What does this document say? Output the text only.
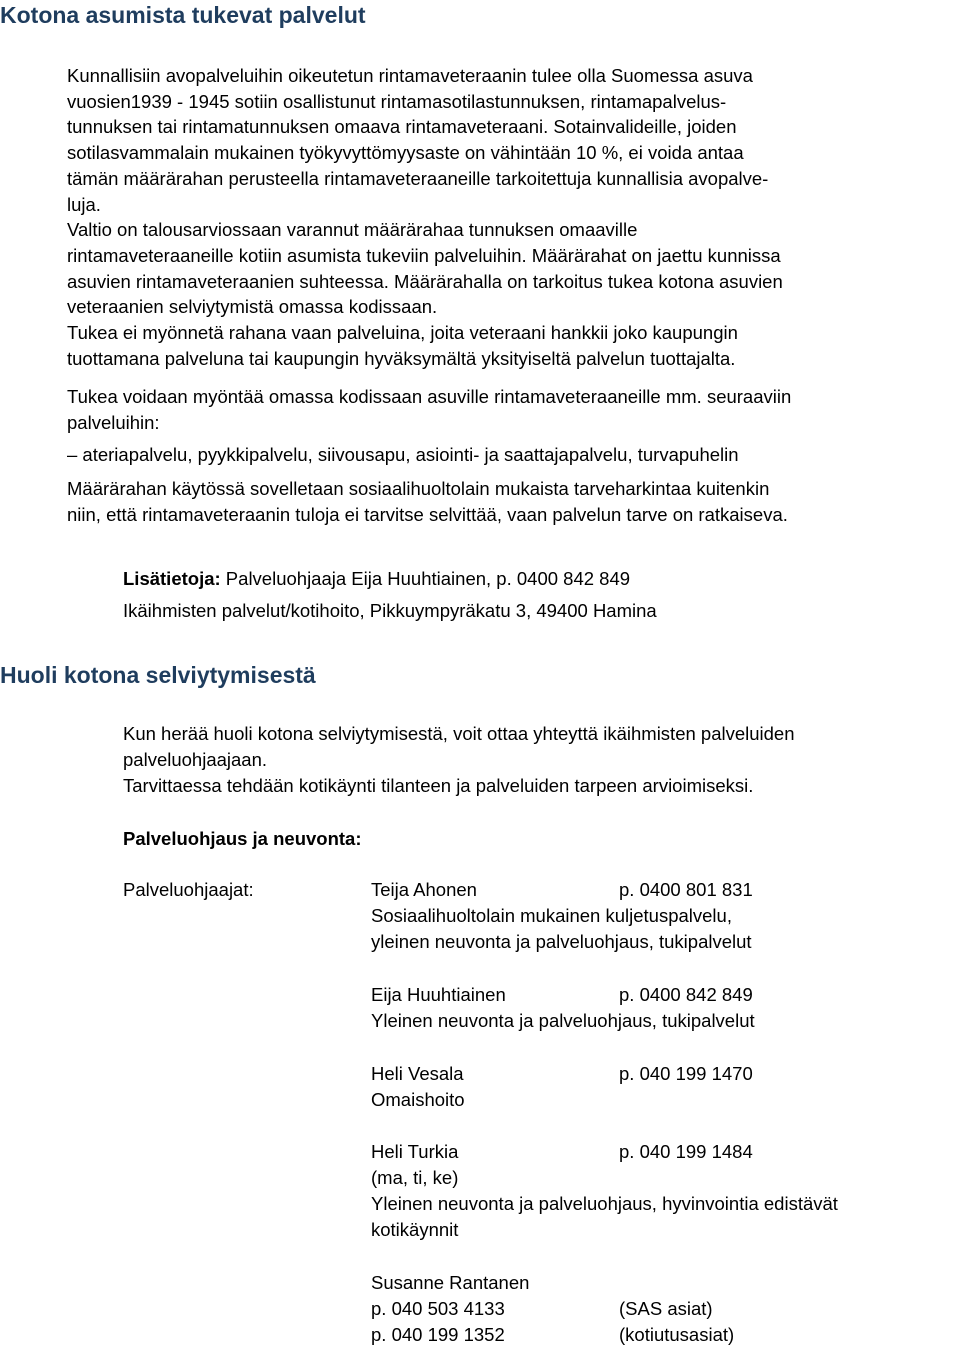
Kotona asumista tukevat palvelut
Kunnallisiin avopalveluihin oikeutetun rintamaveteraanin tulee olla Suomessa asuva
vuosien1939 - 1945 sotiin osallistunut rintamasotilastunnuksen, rintamapalvelus-
tunnuksen tai rintamatunnuksen omaava rintamaveteraani. Sotainvalideille, joiden
sotilasvammalain mukainen työkyvyttömyysaste on vähintään 10 %, ei voida antaa
tämän määrärahan perusteella rintamaveteraaneille tarkoitettuja kunnallisia avopalve-
luja.
Valtio on talousarviossaan varannut määrärahaa tunnuksen omaaville
rintamaveteraaneille kotiin asumista tukeviin palveluihin. Määrärahat on jaettu kunnissa
asuvien rintamaveteraanien suhteessa. Määrärahalla on tarkoitus tukea kotona asuvien
veteraanien selviytymistä omassa kodissaan.
Tukea ei myönnetä rahana vaan palveluina, joita veteraani hankkii joko kaupungin
tuottamana palveluna tai kaupungin hyväksymältä yksityiseltä palvelun tuottajalta.
Tukea voidaan myöntää omassa kodissaan asuville rintamaveteraaneille mm. seuraaviin
palveluihin:
– ateriapalvelu, pyykkipalvelu, siivousapu, asiointi- ja saattajapalvelu, turvapuhelin
Määrärahan käytössä sovelletaan sosiaalihuoltolain mukaista tarveharkintaa kuitenkin
niin, että rintamaveteraanin tuloja ei tarvitse selvittää, vaan palvelun tarve on ratkaiseva.
Lisätietoja: Palveluohjaaja Eija Huuhtiainen, p. 0400 842 849
Ikäihmisten palvelut/kotihoito, Pikkuympyräkatu 3, 49400 Hamina
Huoli kotona selviytymisestä
Kun herää huoli kotona selviytymisestä, voit ottaa yhteyttä ikäihmisten palveluiden
palveluohjaajaan.
Tarvittaessa tehdään kotikäynti tilanteen ja palveluiden tarpeen arvioimiseksi.
Palveluohjaus ja neuvonta:
Palveluohjaajat:	Teija Ahonen	p. 0400 801 831
Sosiaalihuoltolain mukainen kuljetuspalvelu,
yleinen neuvonta ja palveluohjaus, tukipalvelut
Eija Huuhtiainen	p. 0400 842 849
Yleinen neuvonta ja palveluohjaus, tukipalvelut
Heli Vesala	p. 040 199 1470
Omaishoito
Heli Turkia	p. 040 199 1484
(ma, ti, ke)
Yleinen neuvonta ja palveluohjaus, hyvinvointia edistävät
kotikäynnit
Susanne Rantanen
p. 040 503 4133	(SAS asiat)
p. 040 199 1352	(kotiutusasiat)
